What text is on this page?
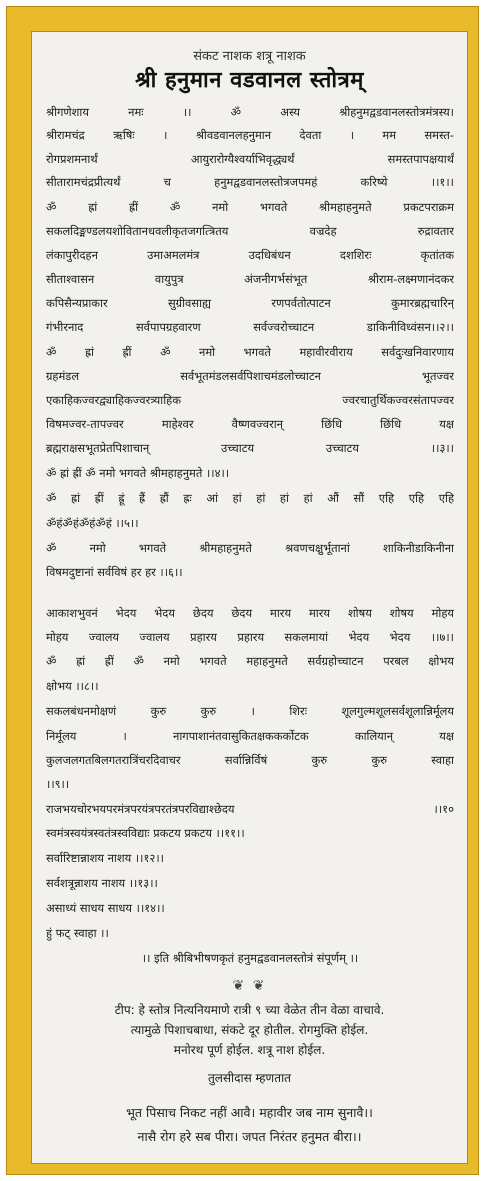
संकट नाशक शत्रू नाशक
श्री हनुमान वडवानल स्तोत्रम्
श्रीगणेशाय नमः ।। ॐ अस्य श्रीहनुमद्वडवानलस्तोत्रमंत्रस्य।
श्रीरामचंद्र ऋषिः । श्रीवडवानलहनुमान देवता । मम समस्त-
रोगप्रशमनार्थं आयुरारोग्यैश्वर्याभिवृद्ध्यर्थं समस्तपापक्षयार्थं
सीतारामचंद्रप्रीत्यर्थं च हनुमद्वडवानलस्तोत्रजपमहं करिष्ये ।।१।।
ॐ ह्रां ह्रीं ॐ नमो भगवते श्रीमहाहनुमते प्रकटपराक्रम
सकलदिङ्मण्डलयशोवितानधवलीकृतजगत्त्रितय वज्रदेह रुद्रावतार
लंकापुरीदहन उमाअमलमंत्र उदधिबंधन दशशिरः कृतांतक
सीताश्वासन वायुपुत्र अंजनीगर्भसंभूत श्रीराम-लक्ष्मणानंदकर
कपिसैन्यप्राकार सुग्रीवसाह्य रणपर्वतोत्पाटन कुमारब्रह्मचारिन्
गंभीरनाद सर्वपापग्रहवारण सर्वज्वरोच्चाटन डाकिनीविध्वंसन।।२।।
ॐ ह्रां ह्रीं ॐ नमो भगवते महावीरवीराय सर्वदुःखनिवारणाय
ग्रहमंडल सर्वभूतमंडलसर्वपिशाचमंडलोच्चाटन भूतज्वर
एकाहिकज्वरद्व्याहिकज्वरत्र्याहिक ज्वरचातुर्थिकज्वरसंतापज्वर
विषमज्वर-तापज्वर माहेश्वर वैष्णवज्वरान् छिंधि छिंधि यक्ष
ब्रह्मराक्षसभूतप्रेतपिशाचान् उच्चाटय उच्चाटय ।।३।।
ॐ ह्रां ह्रीं ॐ नमो भगवते श्रीमहाहनुमते ।।४।।
ॐ ह्रां ह्रीं ह्रूं ह्रैं ह्रौं ह्रः आं हां हां हां हां औं सौं एहि एहि एहि
ॐहंॐहंॐहंॐहं ।।५।।
ॐ नमो भगवते श्रीमहाहनुमते श्रवणचक्षुर्भूतानां शाकिनीडाकिनीना
विषमदुष्टानां सर्वविषं हर हर ।।६।।
आकाशभुवनं भेदय भेदय छेदय छेदय मारय मारय शोषय शोषय मोहय
मोहय ज्वालय ज्वालय प्रहारय प्रहारय सकलमायां भेदय भेदय ।।७।।
ॐ ह्रां ह्रीं ॐ नमो भगवते महाहनुमते सर्वग्रहोच्चाटन परबल क्षोभय
क्षोभय ।।८।।
सकलबंधनमोक्षणं कुरु कुरु । शिरः शूलगुल्मशूलसर्वशूलान्निर्मूलय
निर्मूलय । नागपाशानंतवासुकितक्षककर्कोटक कालियान् यक्ष
कुलजलगतबिलगतरात्रिंचरदिवाचर सर्वान्निर्विषं कुरु कुरु स्वाहा
।।९।।
राजभयचोरभयपरमंत्रपरयंत्रपरतंत्रपरविद्याश्छेदय ।।१०
स्वमंत्रस्वयंत्रस्वतंत्रस्वविद्याः प्रकटय प्रकटय ।।११।।
सर्वारिष्टान्नाशय नाशय ।।१२।।
सर्वशत्रून्नाशय नाशय ।।१३।।
असाध्यं साधय साधय ।।१४।।
हुं फट् स्वाहा ।।
।। इति श्रीबिभीषणकृतं हनुमद्वडवानलस्तोत्रं संपूर्णम् ।।
❦ ❦
टीप: हे स्तोत्र नित्यनियमाणे रात्री ९ च्या वेळेत तीन वेळा वाचावे.
त्यामुळे पिशाचबाधा, संकटे दूर होतील. रोगमुक्ति होईल.
मनोरथ पूर्ण होईल. शत्रू नाश होईल.
तुलसीदास म्हणतात
भूत पिसाच निकट नहीं आवै। महावीर जब नाम सुनावै।।
नासै रोग हरे सब पीरा। जपत निरंतर हनुमत बीरा।।
